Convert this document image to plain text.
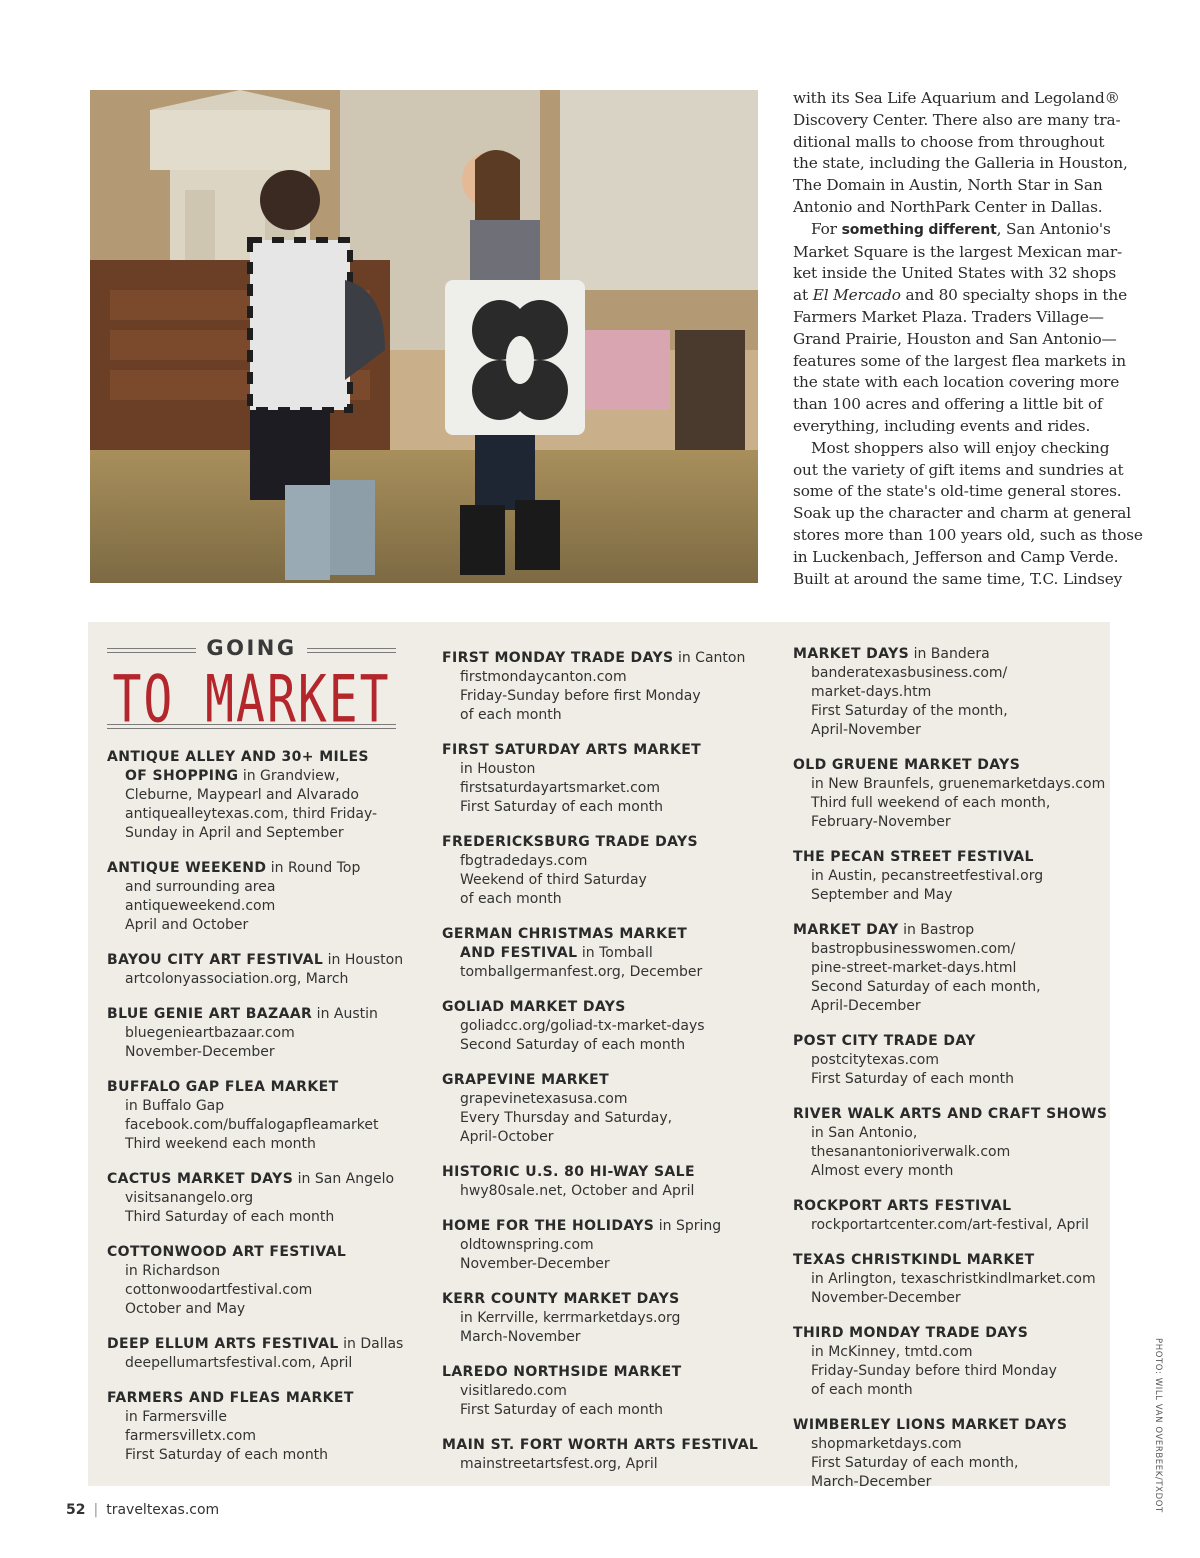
with its Sea Life Aquarium and Legoland®
Discovery Center. There also are many tra-
ditional malls to choose from throughout
the state, including the Galleria in Houston,
The Domain in Austin, North Star in San
Antonio and NorthPark Center in Dallas.
For something different, San Antonio's
Market Square is the largest Mexican mar-
ket inside the United States with 32 shops
at El Mercado and 80 specialty shops in the
Farmers Market Plaza. Traders Village—
Grand Prairie, Houston and San Antonio—
features some of the largest flea markets in
the state with each location covering more
than 100 acres and offering a little bit of
everything, including events and rides.
Most shoppers also will enjoy checking
out the variety of gift items and sundries at
some of the state's old-time general stores.
Soak up the character and charm at general
stores more than 100 years old, such as those
in Luckenbach, Jefferson and Camp Verde.
Built at around the same time, T.C. Lindsey
GOING
TO MARKET
ANTIQUE ALLEY AND 30+ MILES
OF SHOPPING in Grandview,
Cleburne, Maypearl and Alvarado
antiquealleytexas.com, third Friday-
Sunday in April and September
ANTIQUE WEEKEND in Round Top
and surrounding area
antiqueweekend.com
April and October
BAYOU CITY ART FESTIVAL in Houston
artcolonyassociation.org, March
BLUE GENIE ART BAZAAR in Austin
bluegenieartbazaar.com
November-December
BUFFALO GAP FLEA MARKET
in Buffalo Gap
facebook.com/buffalogapfleamarket
Third weekend each month
CACTUS MARKET DAYS in San Angelo
visitsanangelo.org
Third Saturday of each month
COTTONWOOD ART FESTIVAL
in Richardson
cottonwoodartfestival.com
October and May
DEEP ELLUM ARTS FESTIVAL in Dallas
deepellumartsfestival.com, April
FARMERS AND FLEAS MARKET
in Farmersville
farmersvilletx.com
First Saturday of each month
FIRST MONDAY TRADE DAYS in Canton
firstmondaycanton.com
Friday-Sunday before first Monday
of each month
FIRST SATURDAY ARTS MARKET
in Houston
firstsaturdayartsmarket.com
First Saturday of each month
FREDERICKSBURG TRADE DAYS
fbgtradedays.com
Weekend of third Saturday
of each month
GERMAN CHRISTMAS MARKET
AND FESTIVAL in Tomball
tomballgermanfest.org, December
GOLIAD MARKET DAYS
goliadcc.org/goliad-tx-market-days
Second Saturday of each month
GRAPEVINE MARKET
grapevinetexasusa.com
Every Thursday and Saturday,
April-October
HISTORIC U.S. 80 HI-WAY SALE
hwy80sale.net, October and April
HOME FOR THE HOLIDAYS in Spring
oldtownspring.com
November-December
KERR COUNTY MARKET DAYS
in Kerrville, kerrmarketdays.org
March-November
LAREDO NORTHSIDE MARKET
visitlaredo.com
First Saturday of each month
MAIN ST. FORT WORTH ARTS FESTIVAL
mainstreetartsfest.org, April
MARKET DAYS in Bandera
banderatexasbusiness.com/
market-days.htm
First Saturday of the month,
April-November
OLD GRUENE MARKET DAYS
in New Braunfels, gruenemarketdays.com
Third full weekend of each month,
February-November
THE PECAN STREET FESTIVAL
in Austin, pecanstreetfestival.org
September and May
MARKET DAY in Bastrop
bastropbusinesswomen.com/
pine-street-market-days.html
Second Saturday of each month,
April-December
POST CITY TRADE DAY
postcitytexas.com
First Saturday of each month
RIVER WALK ARTS AND CRAFT SHOWS
in San Antonio,
thesanantonioriverwalk.com
Almost every month
ROCKPORT ARTS FESTIVAL
rockportartcenter.com/art-festival, April
TEXAS CHRISTKINDL MARKET
in Arlington, texaschristkindlmarket.com
November-December
THIRD MONDAY TRADE DAYS
in McKinney, tmtd.com
Friday-Sunday before third Monday
of each month
WIMBERLEY LIONS MARKET DAYS
shopmarketdays.com
First Saturday of each month,
March-December	PHOTO: WILL VAN OVERBEEK/TXDOT
52 | traveltexas.com
